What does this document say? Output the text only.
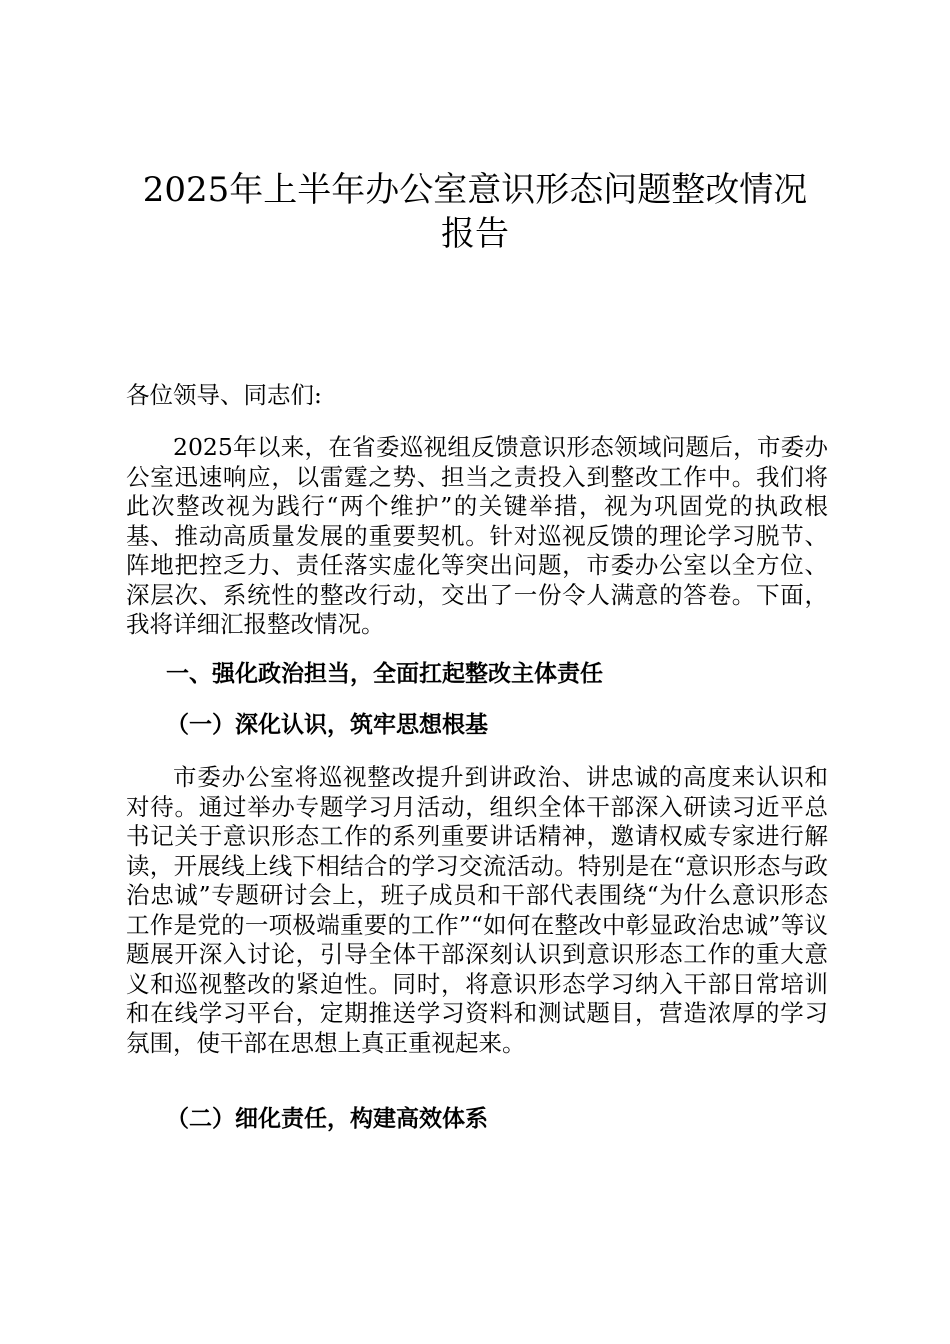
2025年上半年办公室意识形态问题整改情况
报告

各位领导、同志们:

2025年以来，在省委巡视组反馈意识形态领域问题后，市委办公室迅速响应，以雷霆之势、担当之责投入到整改工作中。我们将此次整改视为践行“两个维护”的关键举措，视为巩固党的执政根基、推动高质量发展的重要契机。针对巡视反馈的理论学习脱节、阵地把控乏力、责任落实虚化等突出问题，市委办公室以全方位、深层次、系统性的整改行动，交出了一份令人满意的答卷。下面，我将详细汇报整改情况。

一、强化政治担当，全面扛起整改主体责任

（一）深化认识，筑牢思想根基

市委办公室将巡视整改提升到讲政治、讲忠诚的高度来认识和对待。通过举办专题学习月活动，组织全体干部深入研读习近平总书记关于意识形态工作的系列重要讲话精神，邀请权威专家进行解读，开展线上线下相结合的学习交流活动。特别是在“意识形态与政治忠诚”专题研讨会上，班子成员和干部代表围绕“为什么意识形态工作是党的一项极端重要的工作”“如何在整改中彰显政治忠诚”等议题展开深入讨论，引导全体干部深刻认识到意识形态工作的重大意义和巡视整改的紧迫性。同时，将意识形态学习纳入干部日常培训和在线学习平台，定期推送学习资料和测试题目，营造浓厚的学习氛围，使干部在思想上真正重视起来。

（二）细化责任，构建高效体系
